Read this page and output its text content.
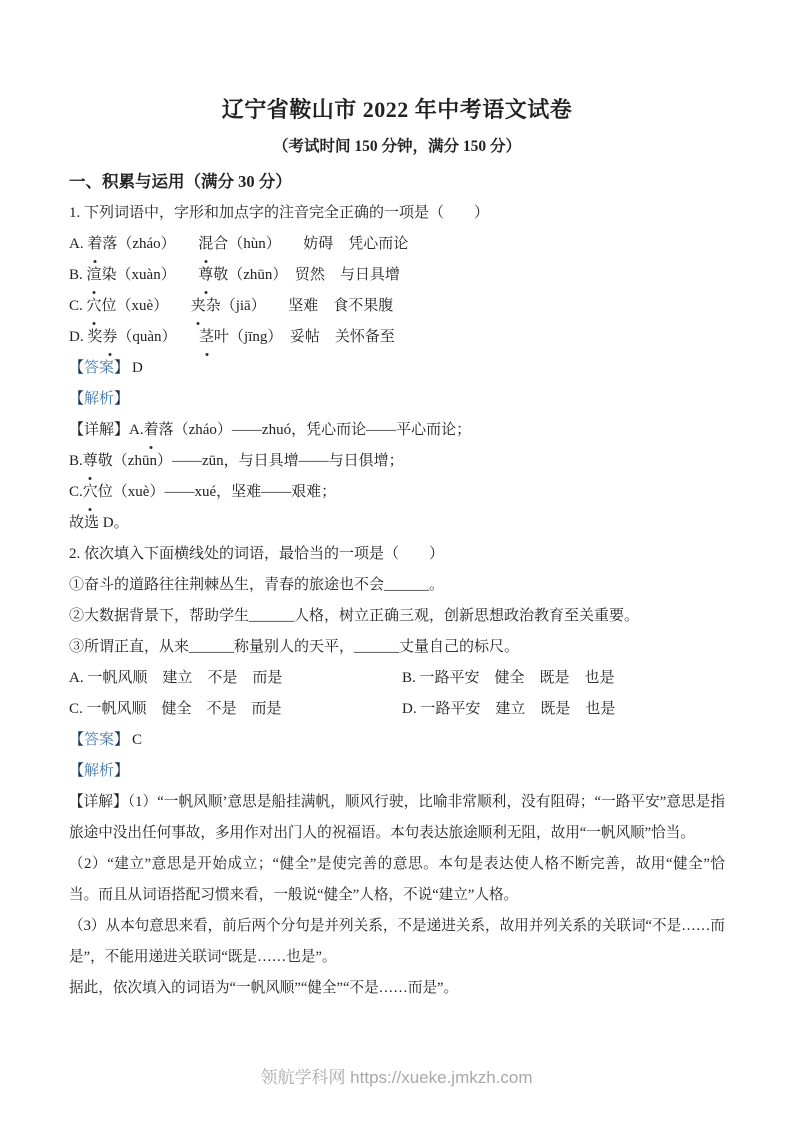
辽宁省鞍山市 2022 年中考语文试卷

（考试时间 150 分钟，满分 150 分）

一、积累与运用（满分 30 分）

1. 下列词语中，字形和加点字的注音完全正确的一项是（　　）

A. 着落（zháo）　　混合（hùn）　　妨碍　凭心而论

B. 渲染（xuàn）　　尊敬（zhūn）　贸然　与日具增

C. 穴位（xuè）　　夹杂（jiā）　　坚难　食不果腹

D. 奖券（quàn）　　茎叶（jīng）　妥帖　关怀备至

【答案】 D

【解析】

【详解】A.着落（zháo）——zhuó，凭心而论——平心而论；

B.尊敬（zhūn）——zūn，与日具增——与日俱增；

C.穴位（xuè）——xué，坚难——艰难；

故选 D。

2. 依次填入下面横线处的词语，最恰当的一项是（　　）

①奋斗的道路往往荆棘丛生，青春的旅途也不会______。

②大数据背景下，帮助学生______人格，树立正确三观，创新思想政治教育至关重要。

③所谓正直，从来______称量别人的天平，______丈量自己的标尺。

A. 一帆风顺　建立　不是　而是	B. 一路平安　健全　既是　也是

C. 一帆风顺　健全　不是　而是	D. 一路平安　建立　既是　也是

【答案】 C

【解析】

【详解】（1）“一帆风顺’意思是船挂满帆，顺风行驶，比喻非常顺利，没有阻碍；“一路平安”意思是指旅途中没出任何事故，多用作对出门人的祝福语。本句表达旅途顺利无阻，故用“一帆风顺”恰当。

（2）“建立”意思是开始成立；“健全”是使完善的意思。本句是表达使人格不断完善，故用“健全”恰当。而且从词语搭配习惯来看，一般说“健全”人格，不说“建立”人格。

（3）从本句意思来看，前后两个分句是并列关系，不是递进关系，故用并列关系的关联词“不是……而是”，不能用递进关联词“既是……也是”。

据此，依次填入的词语为“一帆风顺”“健全”“不是……而是”。

领航学科网 https://xueke.jmkzh.com
